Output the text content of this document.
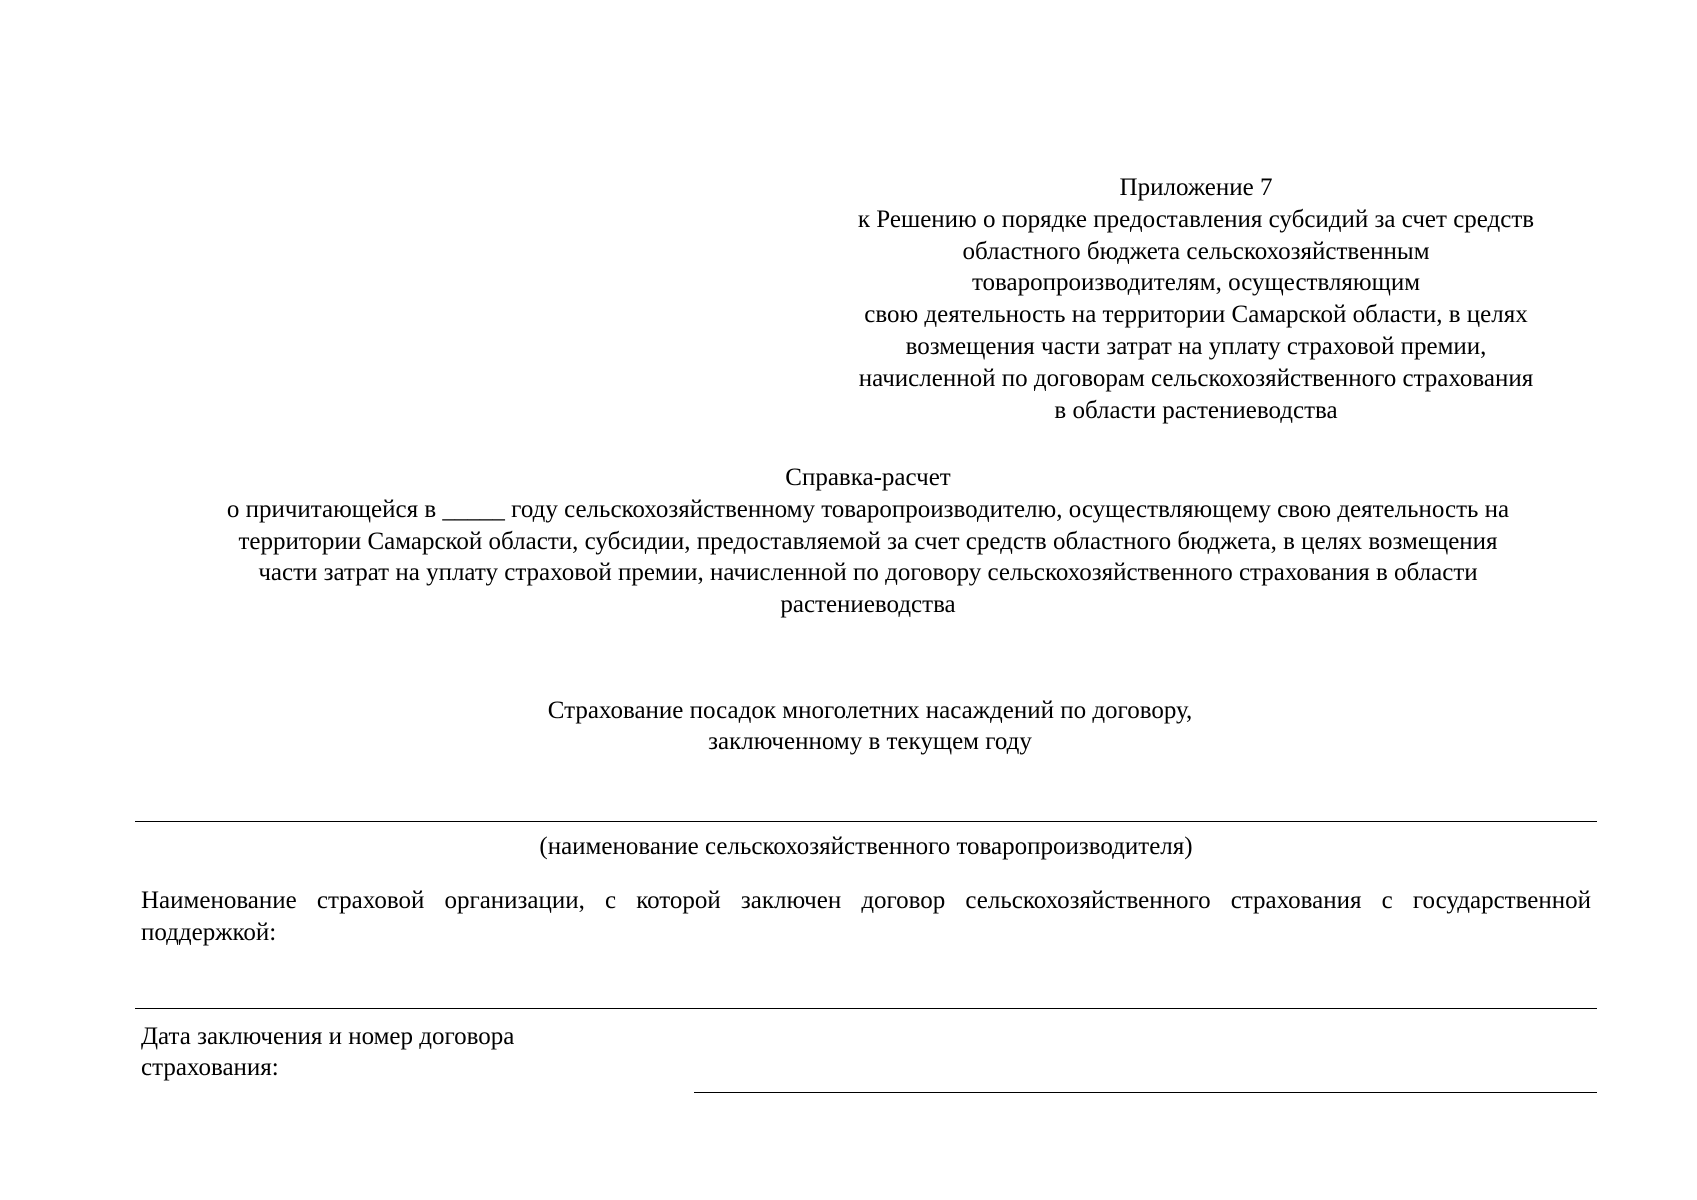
Приложение 7
к Решению о порядке предоставления субсидий за счет средств
областного бюджета сельскохозяйственным
товаропроизводителям, осуществляющим
свою деятельность на территории Самарской области, в целях
возмещения части затрат на уплату страховой премии,
начисленной по договорам сельскохозяйственного страхования
в области растениеводства
Справка-расчет
о причитающейся в _____ году сельскохозяйственному товаропроизводителю, осуществляющему свою деятельность на
территории Самарской области, субсидии, предоставляемой за счет средств областного бюджета, в целях возмещения
части затрат на уплату страховой премии, начисленной по договору сельскохозяйственного страхования в области
растениеводства
Страхование посадок многолетних насаждений по договору,
заключенному в текущем году
(наименование сельскохозяйственного товаропроизводителя)
Наименование страховой организации, с которой заключен договор сельскохозяйственного страхования с государственной поддержкой:
Дата заключения и номер договора
страхования:
